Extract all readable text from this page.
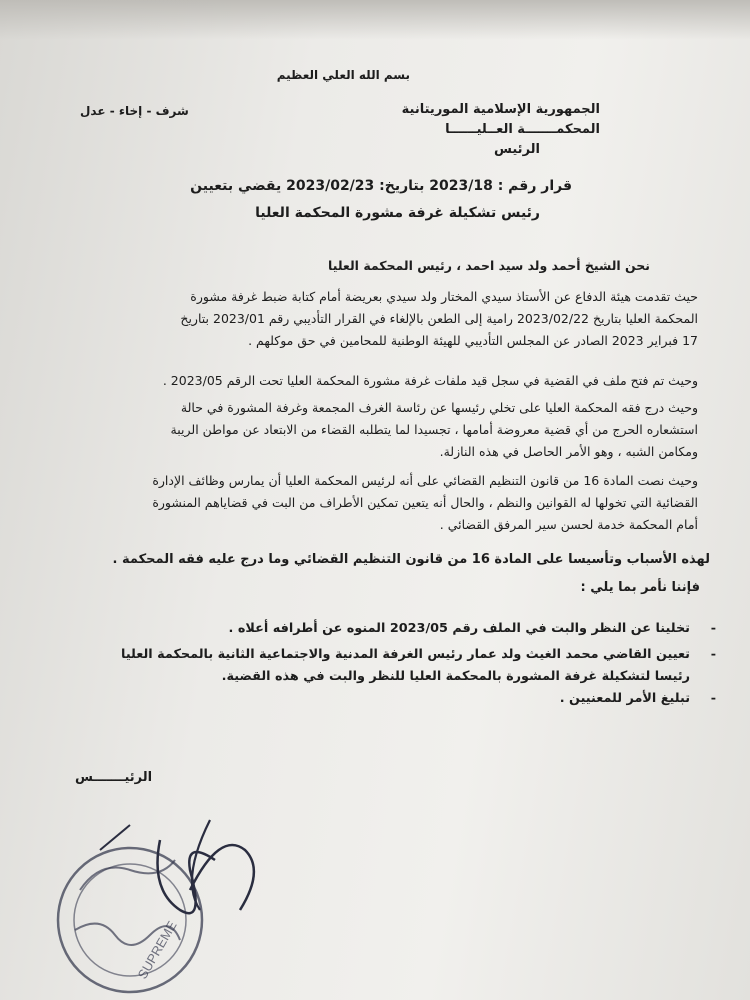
بسم الله العلي العظيم
الجمهورية الإسلامية الموريتانية
المحكمـــــــة العــليــــــا
الرئيس
شرف - إخاء - عدل
قرار رقم : 2023/18 بتاريخ: 2023/02/23 يقضي بتعيين
رئيس تشكيلة غرفة مشورة المحكمة العليا
نحن الشيخ أحمد ولد سيد احمد ، رئيس المحكمة العليا
حيث تقدمت هيئة الدفاع عن الأستاذ سيدي المختار ولد سيدي بعريضة أمام كتابة ضبط غرفة مشورة
المحكمة العليا بتاريخ 2023/02/22 رامية إلى الطعن بالإلغاء في القرار التأديبي رقم 2023/01 بتاريخ
17 فبراير 2023 الصادر عن المجلس التأديبي للهيئة الوطنية للمحامين في حق موكلهم .
وحيث تم فتح ملف في القضية في سجل قيد ملفات غرفة مشورة المحكمة العليا تحت الرقم 2023/05 .
وحيث درج فقه المحكمة العليا على تخلي رئيسها عن رئاسة الغرف المجمعة وغرفة المشورة في حالة
استشعاره الحرج من أي قضية معروضة أمامها ، تجسيدا لما يتطلبه القضاء من الابتعاد عن مواطن الريبة
ومكامن الشبه ، وهو الأمر الحاصل في هذه النازلة.
وحيث نصت المادة 16 من قانون التنظيم القضائي على أنه لرئيس المحكمة العليا أن يمارس وظائف الإدارة
القضائية التي تخولها له القوانين والنظم ، والحال أنه يتعين تمكين الأطراف من البت في قضاياهم المنشورة
أمام المحكمة خدمة لحسن سير المرفق القضائي .
لهذه الأسباب وتأسيسا على المادة 16 من قانون التنظيم القضائي وما درج عليه فقه المحكمة .
فإننا نأمر بما يلي :
-
تخلينا عن النظر والبت في الملف رقم 2023/05 المنوه عن أطرافه أعلاه .
-
تعيين القاضي محمد الغيث ولد عمار رئيس الغرفة المدنية والاجتماعية الثانية بالمحكمة العليا
رئيسا لتشكيلة غرفة المشورة بالمحكمة العليا للنظر والبت في هذه القضية.
-
تبليغ الأمر للمعنيين .
الرئيـــــــس
SUPREME
